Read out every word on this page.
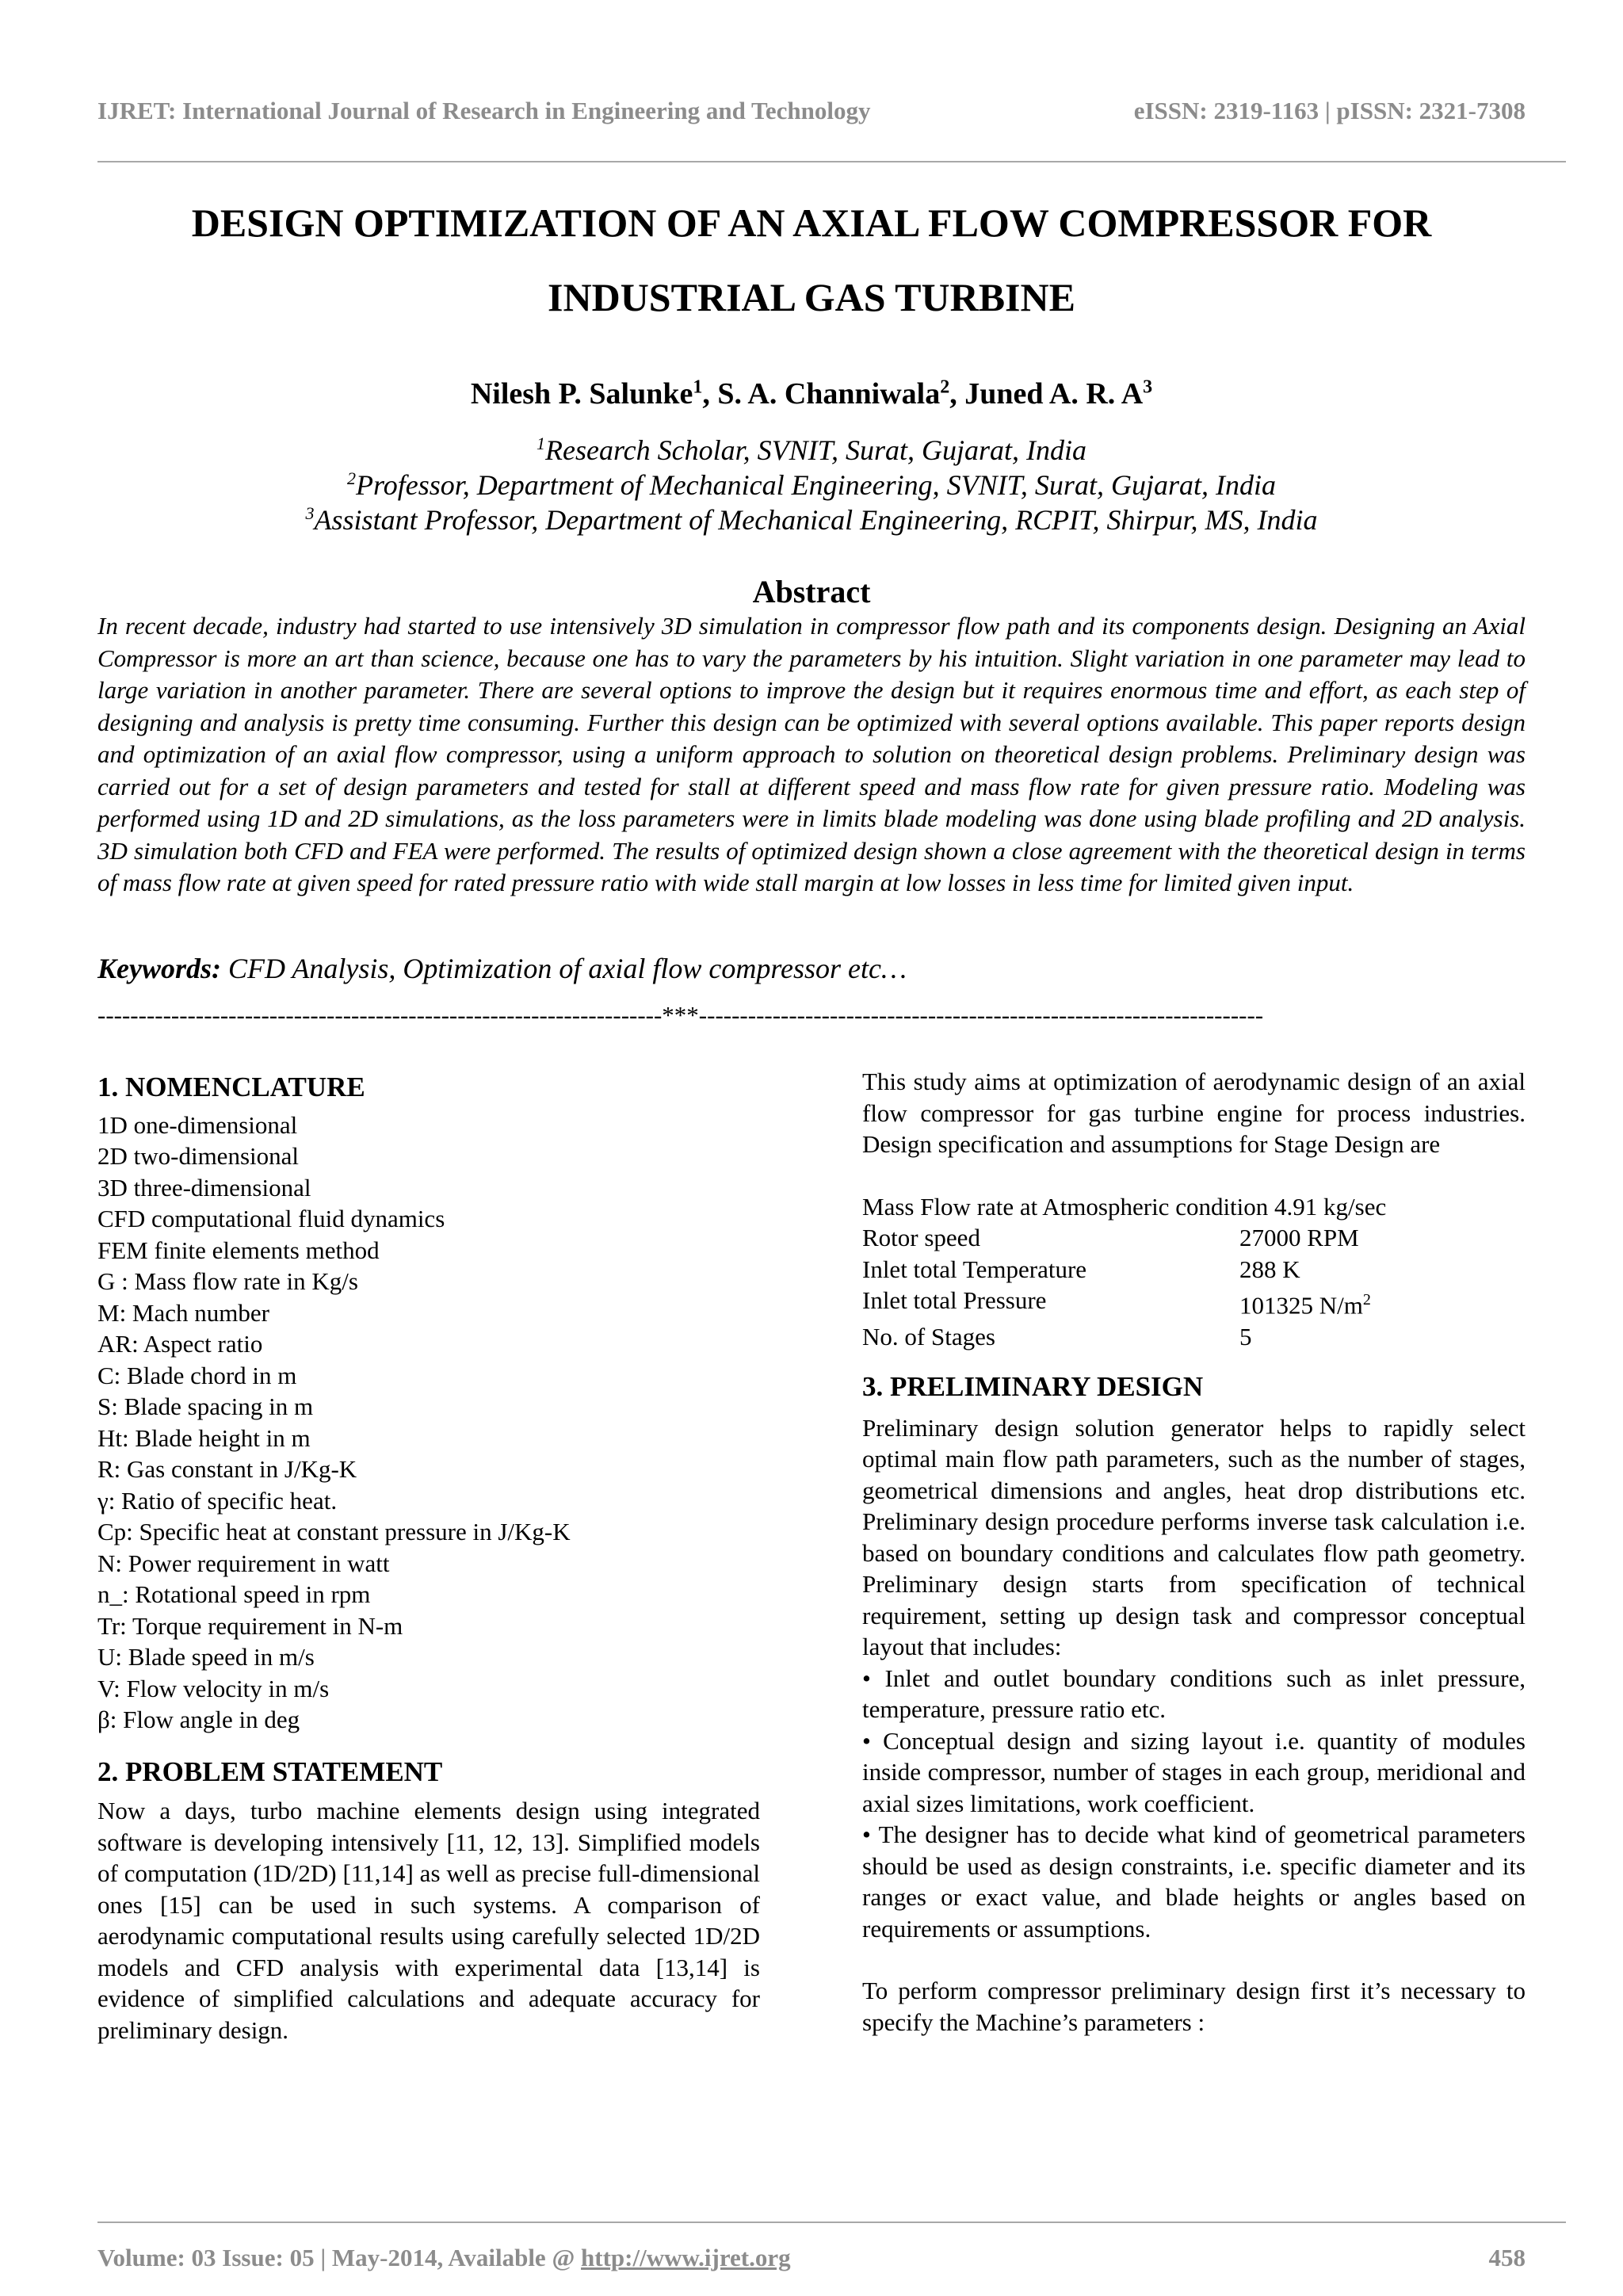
IJRET: International Journal of Research in Engineering and Technology	eISSN: 2319-1163 | pISSN: 2321-7308
DESIGN OPTIMIZATION OF AN AXIAL FLOW COMPRESSOR FOR
INDUSTRIAL GAS TURBINE
Nilesh P. Salunke$^1$, S. A. Channiwala$^2$, Juned A. R. $A^3$
$^1$Research Scholar, SVNIT, Surat, Gujarat, India
$^2$Professor, Department of Mechanical Engineering, SVNIT, Surat, Gujarat, India
$^3$Assistant Professor, Department of Mechanical Engineering, RCPIT, Shirpur, MS, India
Abstract
In recent decade, industry had started to use intensively 3D simulation in compressor flow path and its components design. Designing an Axial Compressor is more an art than science, because one has to vary the parameters by his intuition. Slight variation in one parameter may lead to large variation in another parameter. There are several options to improve the design but it requires enormous time and effort, as each step of designing and analysis is pretty time consuming. Further this design can be optimized with several options available. This paper reports design and optimization of an axial flow compressor, using a uniform approach to solution on theoretical design problems. Preliminary design was carried out for a set of design parameters and tested for stall at different speed and mass flow rate for given pressure ratio. Modeling was performed using 1D and 2D simulations, as the loss parameters were in limits blade modeling was done using blade profiling and 2D analysis. 3D simulation both CFD and FEA were performed. The results of optimized design shown a close agreement with the theoretical design in terms of mass flow rate at given speed for rated pressure ratio with wide stall margin at low losses in less time for limited given input.
Keywords: CFD Analysis, Optimization of axial flow compressor etc…
---------------------------------------------------------------------***---------------------------------------------------------------------
1. NOMENCLATURE
1D one-dimensional
2D two-dimensional
3D three-dimensional
CFD computational fluid dynamics
FEM finite elements method
G : Mass flow rate in Kg/s
M: Mach number
AR: Aspect ratio
C: Blade chord in m
S: Blade spacing in m
Ht: Blade height in m
R: Gas constant in J/Kg-K
γ: Ratio of specific heat.
Cp: Specific heat at constant pressure in J/Kg-K
N: Power requirement in watt
n_: Rotational speed in rpm
Tr: Torque requirement in N-m
U: Blade speed in m/s
V: Flow velocity in m/s
β: Flow angle in deg
2. PROBLEM STATEMENT
Now a days, turbo machine elements design using integrated software is developing intensively [11, 12, 13]. Simplified models of computation (1D/2D) [11,14] as well as precise full-dimensional ones [15] can be used in such systems. A comparison of aerodynamic computational results using carefully selected 1D/2D models and CFD analysis with experimental data [13,14] is evidence of simplified calculations and adequate accuracy for preliminary design.
This study aims at optimization of aerodynamic design of an axial flow compressor for gas turbine engine for process industries. Design specification and assumptions for Stage Design are
Mass Flow rate at Atmospheric condition 4.91 kg/sec
Rotor speed	27000 RPM
Inlet total Temperature	288 K
Inlet total Pressure	101325 $N/m^2$
No. of Stages	5
3. PRELIMINARY DESIGN
Preliminary design solution generator helps to rapidly select optimal main flow path parameters, such as the number of stages, geometrical dimensions and angles, heat drop distributions etc. Preliminary design procedure performs inverse task calculation i.e. based on boundary conditions and calculates flow path geometry. Preliminary design starts from specification of technical requirement, setting up design task and compressor conceptual layout that includes:
• Inlet and outlet boundary conditions such as inlet pressure, temperature, pressure ratio etc.
• Conceptual design and sizing layout i.e. quantity of modules inside compressor, number of stages in each group, meridional and axial sizes limitations, work coefficient.
• The designer has to decide what kind of geometrical parameters should be used as design constraints, i.e. specific diameter and its ranges or exact value, and blade heights or angles based on requirements or assumptions.
To perform compressor preliminary design first it’s necessary to specify the Machine’s parameters :
Volume: 03 Issue: 05 | May-2014, Available @ http://www.ijret.org	458
